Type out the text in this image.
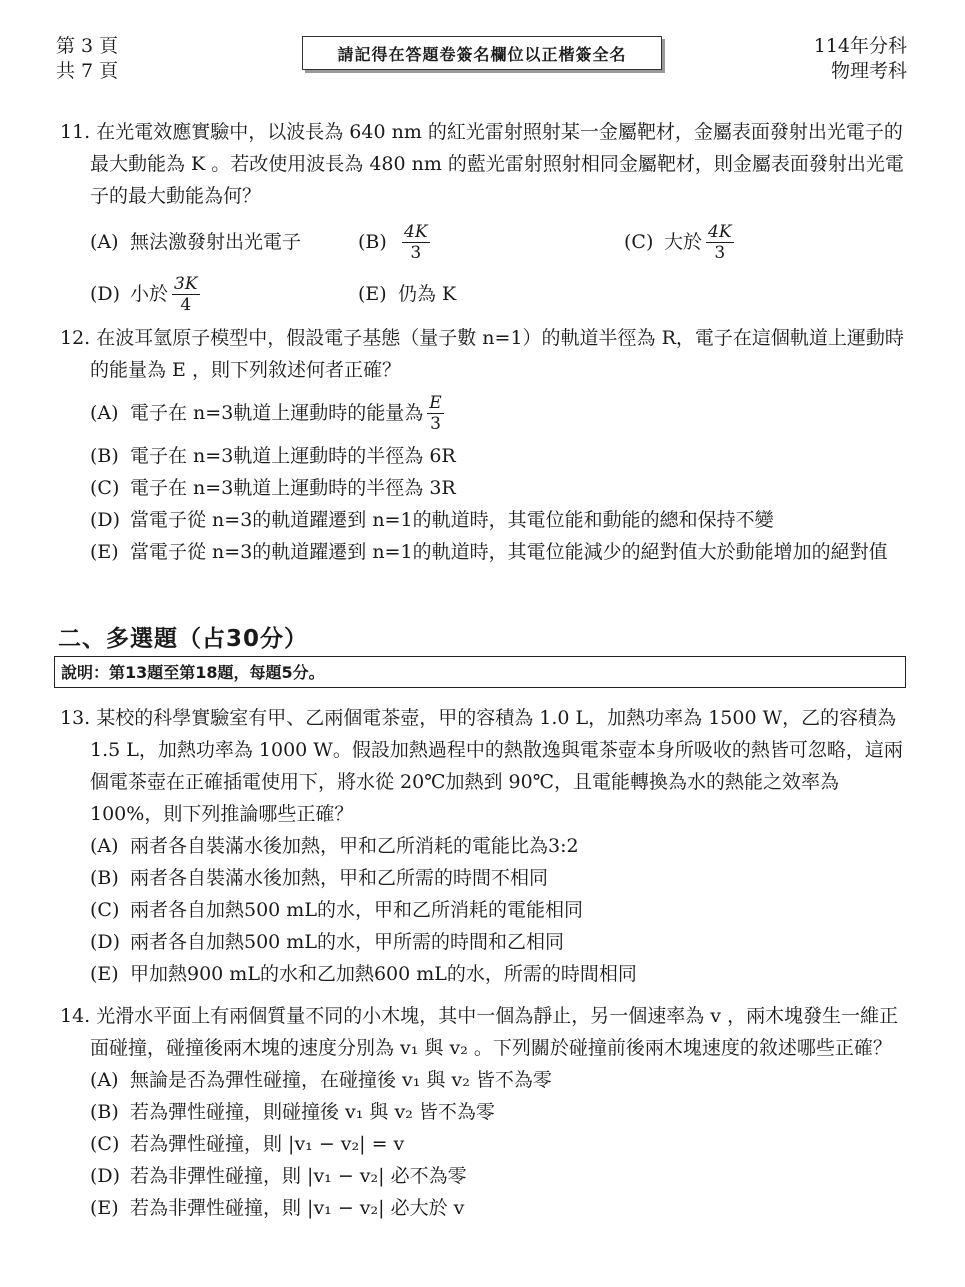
第 3 頁
共 7 頁
請記得在答題卷簽名欄位以正楷簽全名	114年分科
物理考科
11. 在光電效應實驗中，以波長為 640 nm 的紅光雷射照射某一金屬靶材，金屬表面發射出光電子的最大動能為 K 。若改使用波長為 480 nm 的藍光雷射照射相同金屬靶材，則金屬表面發射出光電子的最大動能為何？
(A) 無法激發射出光電子	$(B) \frac{4K}{3}$	(C) 大於 $\frac{4K}{3}$
(D) 小於 $\frac{3K}{4}$	(E) 仍為 K
12. 在波耳氫原子模型中，假設電子基態（量子數 n=1）的軌道半徑為 R，電子在這個軌道上運動時的能量為 E ，則下列敘述何者正確？
(A) 電子在 n=3軌道上運動時的能量為 $\frac{E}{3}$
(B) 電子在 n=3軌道上運動時的半徑為 6R
(C) 電子在 n=3軌道上運動時的半徑為 3R
(D) 當電子從 n=3的軌道躍遷到 n=1的軌道時，其電位能和動能的總和保持不變
(E) 當電子從 n=3的軌道躍遷到 n=1的軌道時，其電位能減少的絕對值大於動能增加的絕對值
二、多選題（占30分）
說明：第13題至第18題，每題5分。
13. 某校的科學實驗室有甲、乙兩個電茶壺，甲的容積為 1.0 L，加熱功率為 1500 W，乙的容積為 1.5 L，加熱功率為 1000 W。假設加熱過程中的熱散逸與電茶壺本身所吸收的熱皆可忽略，這兩個電茶壺在正確插電使用下，將水從 20℃加熱到 90℃，且電能轉換為水的熱能之效率為 100%，則下列推論哪些正確？
(A) 兩者各自裝滿水後加熱，甲和乙所消耗的電能比為3:2
(B) 兩者各自裝滿水後加熱，甲和乙所需的時間不相同
(C) 兩者各自加熱500 mL的水，甲和乙所消耗的電能相同
(D) 兩者各自加熱500 mL的水，甲所需的時間和乙相同
(E) 甲加熱900 mL的水和乙加熱600 mL的水，所需的時間相同
14. 光滑水平面上有兩個質量不同的小木塊，其中一個為靜止，另一個速率為 v ，兩木塊發生一維正面碰撞，碰撞後兩木塊的速度分別為 v₁ 與 v₂ 。下列關於碰撞前後兩木塊速度的敘述哪些正確？
(A) 無論是否為彈性碰撞，在碰撞後 v₁ 與 v₂ 皆不為零
(B) 若為彈性碰撞，則碰撞後 v₁ 與 v₂ 皆不為零
(C) 若為彈性碰撞，則 |v₁ − v₂| = v
(D) 若為非彈性碰撞，則 |v₁ − v₂| 必不為零
(E) 若為非彈性碰撞，則 |v₁ − v₂| 必大於 v
